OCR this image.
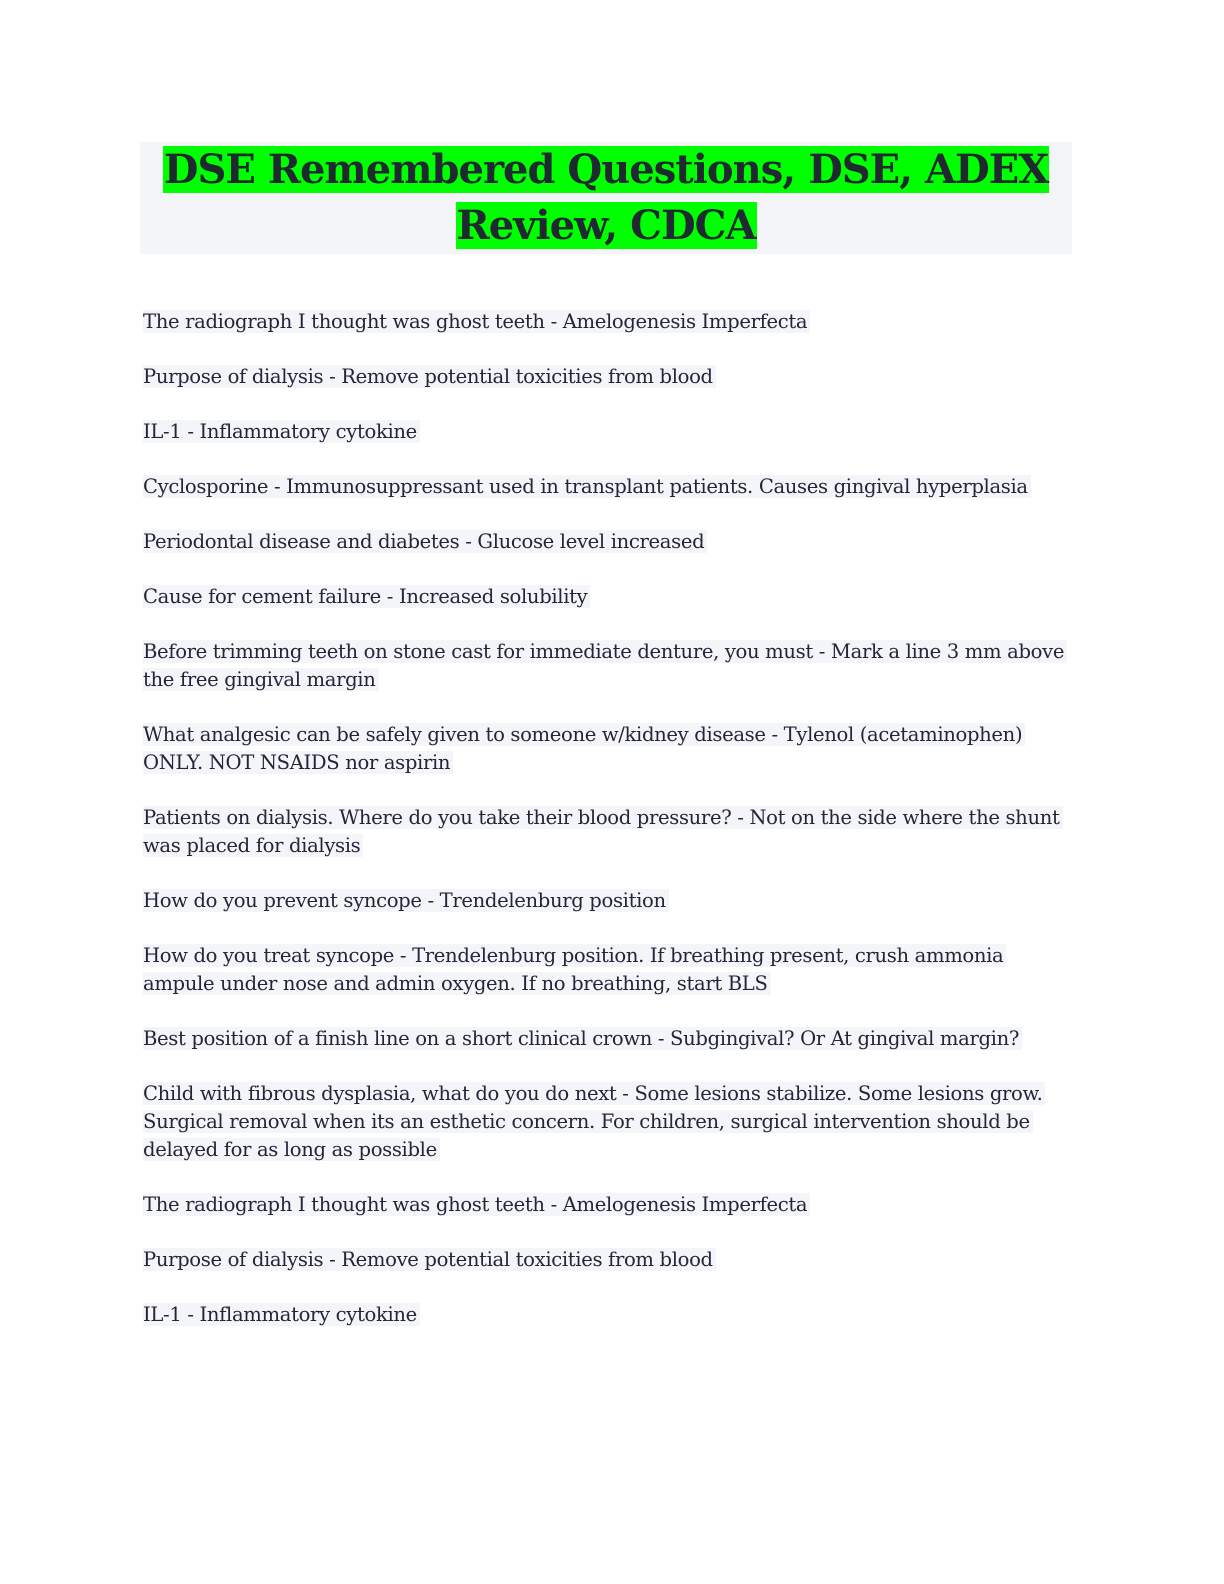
DSE Remembered Questions, DSE, ADEX
Review, CDCA

The radiograph I thought was ghost teeth - Amelogenesis Imperfecta

Purpose of dialysis - Remove potential toxicities from blood

IL-1 - Inflammatory cytokine

Cyclosporine - Immunosuppressant used in transplant patients. Causes gingival hyperplasia

Periodontal disease and diabetes - Glucose level increased

Cause for cement failure - Increased solubility

Before trimming teeth on stone cast for immediate denture, you must - Mark a line 3 mm above the free gingival margin

What analgesic can be safely given to someone w/kidney disease - Tylenol (acetaminophen) ONLY. NOT NSAIDS nor aspirin

Patients on dialysis. Where do you take their blood pressure? - Not on the side where the shunt was placed for dialysis

How do you prevent syncope - Trendelenburg position

How do you treat syncope - Trendelenburg position. If breathing present, crush ammonia ampule under nose and admin oxygen. If no breathing, start BLS

Best position of a finish line on a short clinical crown - Subgingival? Or At gingival margin?

Child with fibrous dysplasia, what do you do next - Some lesions stabilize. Some lesions grow. Surgical removal when its an esthetic concern. For children, surgical intervention should be delayed for as long as possible

The radiograph I thought was ghost teeth - Amelogenesis Imperfecta

Purpose of dialysis - Remove potential toxicities from blood

IL-1 - Inflammatory cytokine
